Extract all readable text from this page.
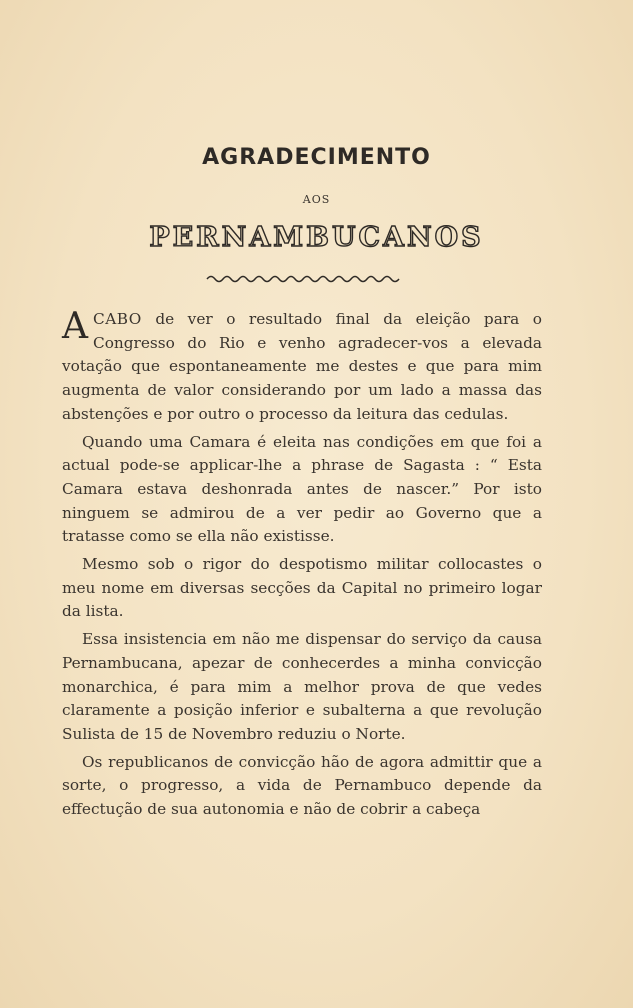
AGRADECIMENTO
AOS
PERNAMBUCANOS

ACABO de ver o resultado final da eleição para o Congresso do Rio e venho agradecer-vos a elevada votação que espontaneamente me destes e que para mim augmenta de valor considerando por um lado a massa das abstenções e por outro o processo da leitura das cedulas.

Quando uma Camara é eleita nas condições em que foi a actual pode-se applicar-lhe a phrase de Sagasta : “ Esta Camara estava deshonrada antes de nascer.” Por isto ninguem se admirou de a ver pedir ao Governo que a tratasse como se ella não existisse.

Mesmo sob o rigor do despotismo militar collocastes o meu nome em diversas secções da Capital no primeiro logar da lista.

Essa insistencia em não me dispensar do serviço da causa Pernambucana, apezar de conhecerdes a minha convicção monarchica, é para mim a melhor prova de que vedes claramente a posição inferior e subalterna a que revolução Sulista de 15 de Novembro reduziu o Norte.

Os republicanos de convicção hão de agora admittir que a sorte, o progresso, a vida de Pernambuco depende da effectução de sua autonomia e não de cobrir a cabeça
